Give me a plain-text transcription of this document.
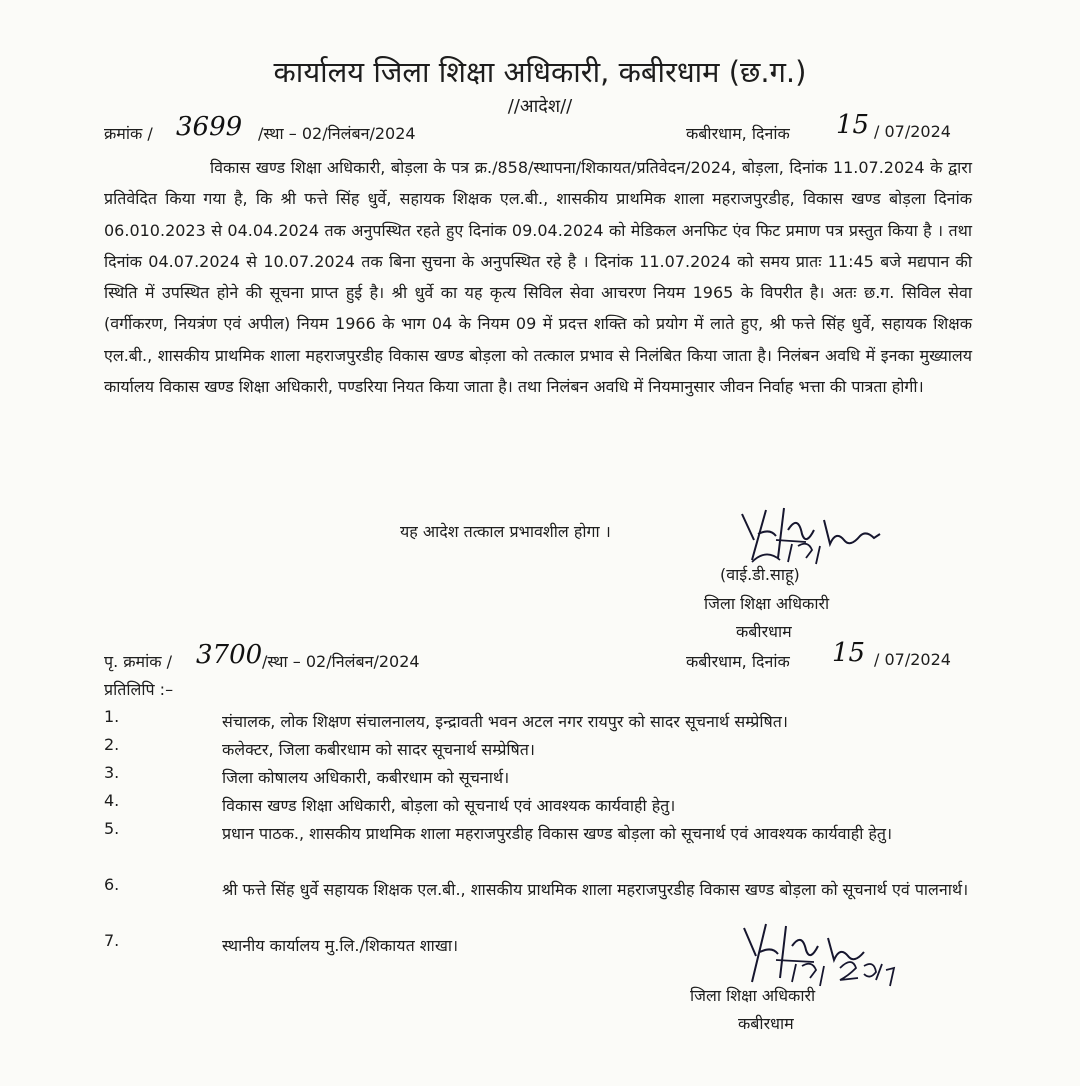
कार्यालय जिला शिक्षा अधिकारी, कबीरधाम (छ.ग.)
//आदेश//
क्रमांक / 3699 /स्था – 02/निलंबन/2024	कबीरधाम, दिनांक 15 / 07/2024
विकास खण्ड शिक्षा अधिकारी, बोड़ला के पत्र क्र./858/स्थापना/शिकायत/प्रतिवेदन/2024, बोड़ला, दिनांक 11.07.2024 के द्वारा प्रतिवेदित किया गया है, कि श्री फत्ते सिंह धुर्वे, सहायक शिक्षक एल.बी., शासकीय प्राथमिक शाला महराजपुरडीह, विकास खण्ड बोड़ला दिनांक 06.010.2023 से 04.04.2024 तक अनुपस्थित रहते हुए दिनांक 09.04.2024 को मेडिकल अनफिट एंव फिट प्रमाण पत्र प्रस्तुत किया है । तथा दिनांक 04.07.2024 से 10.07.2024 तक बिना सुचना के अनुपस्थित रहे है । दिनांक 11.07.2024 को समय प्रातः 11:45 बजे मद्यपान की स्थिति में उपस्थित होने की सूचना प्राप्त हुई है। श्री धुर्वे का यह कृत्य सिविल सेवा आचरण नियम 1965 के विपरीत है। अतः छ.ग. सिविल सेवा (वर्गीकरण, नियत्रंण एवं अपील) नियम 1966 के भाग 04 के नियम 09 में प्रदत्त शक्ति को प्रयोग में लाते हुए, श्री फत्ते सिंह धुर्वे, सहायक शिक्षक एल.बी., शासकीय प्राथमिक शाला महराजपुरडीह विकास खण्ड बोड़ला को तत्काल प्रभाव से निलंबित किया जाता है। निलंबन अवधि में इनका मुख्यालय कार्यालय विकास खण्ड शिक्षा अधिकारी, पण्डरिया नियत किया जाता है। तथा निलंबन अवधि में नियमानुसार जीवन निर्वाह भत्ता की पात्रता होगी।
यह आदेश तत्काल प्रभावशील होगा ।
(वाई.डी.साहू)
जिला शिक्षा अधिकारी
कबीरधाम
पृ. क्रमांक / 3700 /स्था – 02/निलंबन/2024	कबीरधाम, दिनांक 15 / 07/2024
प्रतिलिपि :–
1.	संचालक, लोक शिक्षण संचालनालय, इन्द्रावती भवन अटल नगर रायपुर को सादर सूचनार्थ सम्प्रेषित।
2.	कलेक्टर, जिला कबीरधाम को सादर सूचनार्थ सम्प्रेषित।
3.	जिला कोषालय अधिकारी, कबीरधाम को सूचनार्थ।
4.	विकास खण्ड शिक्षा अधिकारी, बोड़ला को सूचनार्थ एवं आवश्यक कार्यवाही हेतु।
5.	प्रधान पाठक., शासकीय प्राथमिक शाला महराजपुरडीह विकास खण्ड बोड़ला को सूचनार्थ एवं आवश्यक कार्यवाही हेतु।
6.	श्री फत्ते सिंह धुर्वे सहायक शिक्षक एल.बी., शासकीय प्राथमिक शाला महराजपुरडीह विकास खण्ड बोड़ला को सूचनार्थ एवं पालनार्थ।
7.	स्थानीय कार्यालय मु.लि./शिकायत शाखा।
जिला शिक्षा अधिकारी
कबीरधाम
